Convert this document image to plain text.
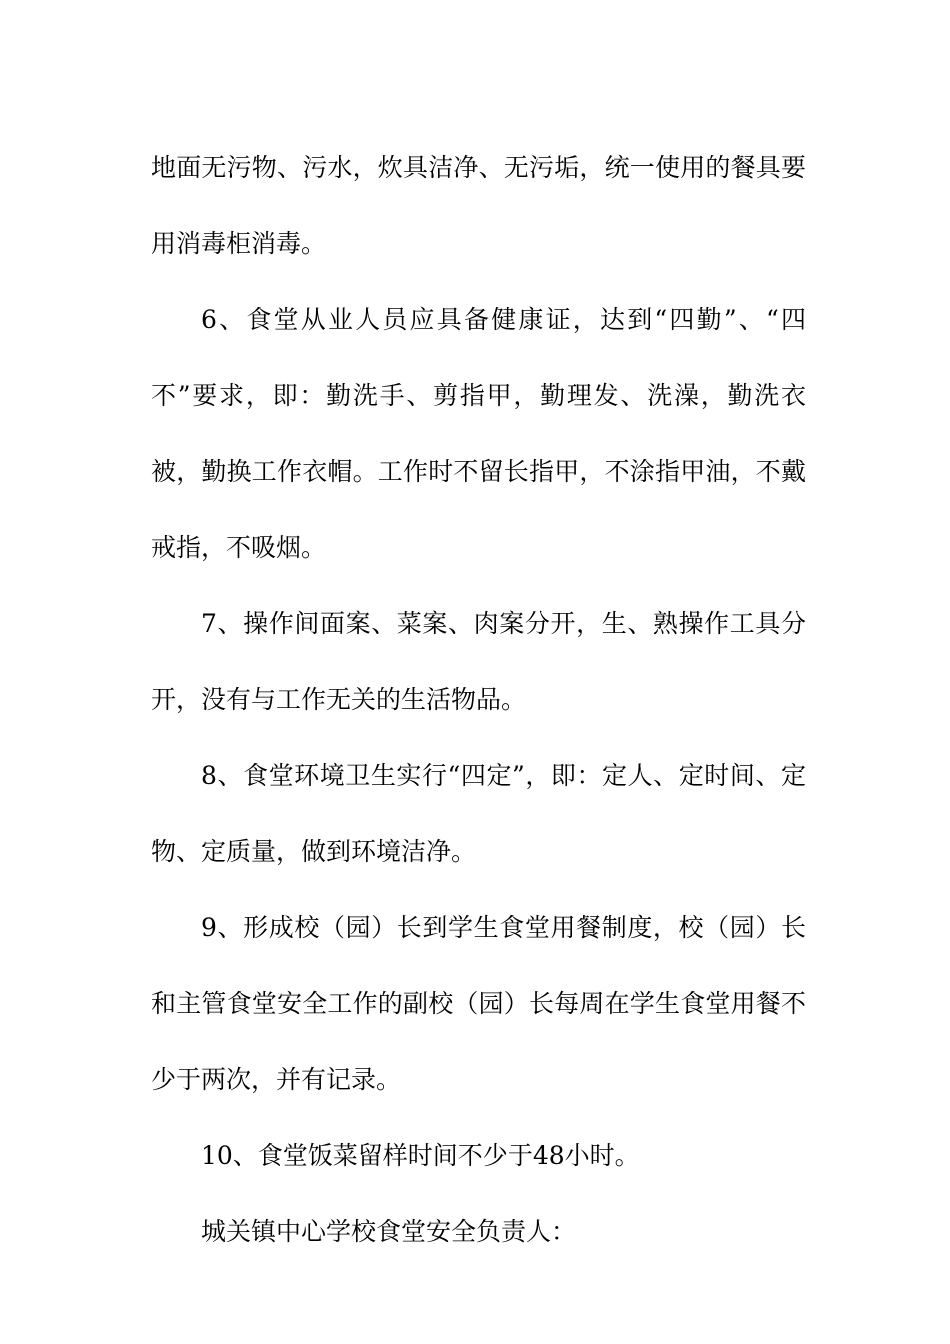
地面无污物、污水，炊具洁净、无污垢，统一使用的餐具要用消毒柜消毒。

6、食堂从业人员应具备健康证，达到“四勤”、“四不”要求，即：勤洗手、剪指甲，勤理发、洗澡，勤洗衣被，勤换工作衣帽。工作时不留长指甲，不涂指甲油，不戴戒指，不吸烟。

7、操作间面案、菜案、肉案分开，生、熟操作工具分开，没有与工作无关的生活物品。

8、食堂环境卫生实行“四定”，即：定人、定时间、定物、定质量，做到环境洁净。

9、形成校（园）长到学生食堂用餐制度，校（园）长和主管食堂安全工作的副校（园）长每周在学生食堂用餐不少于两次，并有记录。

10、食堂饭菜留样时间不少于48小时。

城关镇中心学校食堂安全负责人：
